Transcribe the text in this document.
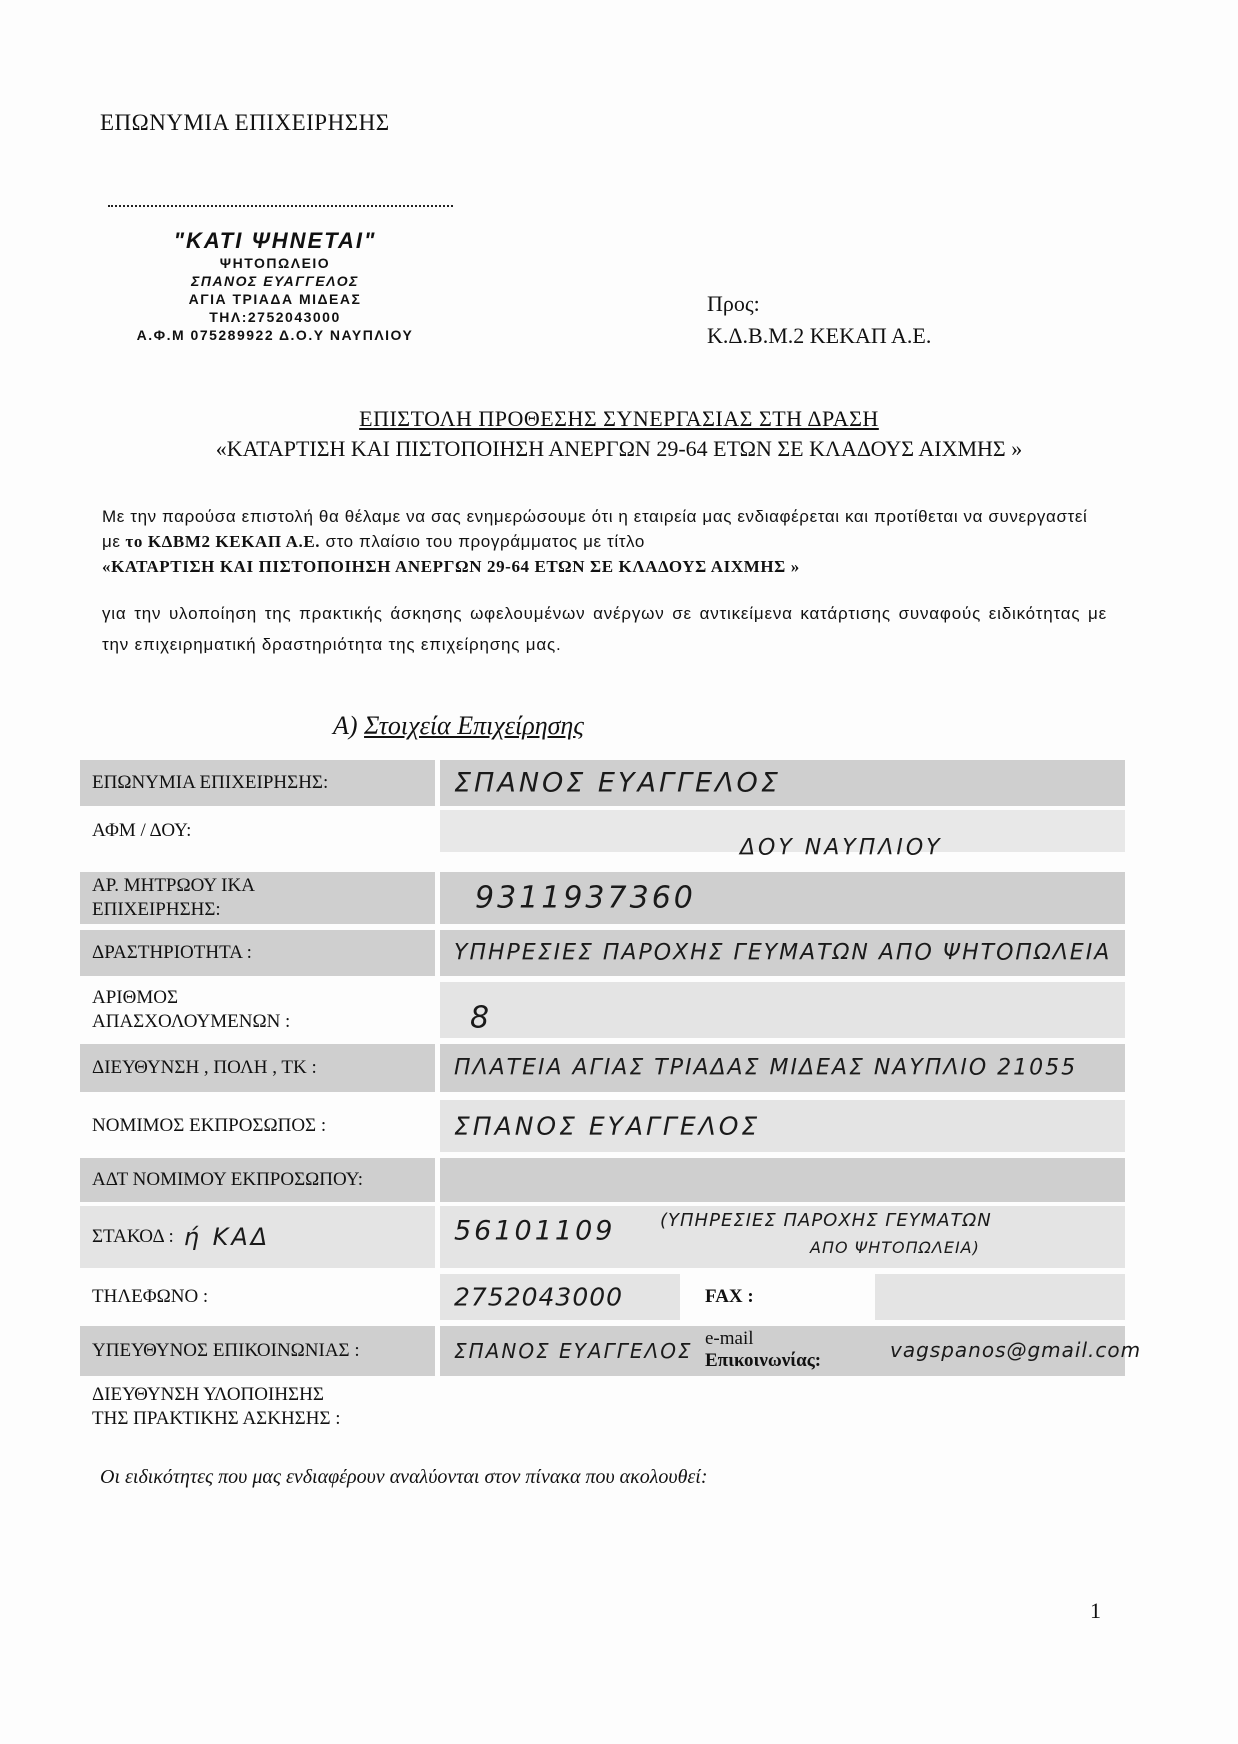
ΕΠΩΝΥΜΙΑ ΕΠΙΧΕΙΡΗΣΗΣ
"ΚΑΤΙ ΨΗΝΕΤΑΙ"
ΨΗΤΟΠΩΛΕΙΟ
ΣΠΑΝΟΣ ΕΥΑΓΓΕΛΟΣ
ΑΓΙΑ ΤΡΙΑΔΑ ΜΙΔΕΑΣ
ΤΗΛ:2752043000
Α.Φ.Μ 075289922 Δ.Ο.Υ ΝΑΥΠΛΙΟΥ
Προς:
Κ.Δ.Β.Μ.2 ΚΕΚΑΠ Α.Ε.
ΕΠΙΣΤΟΛΗ ΠΡΟΘΕΣΗΣ ΣΥΝΕΡΓΑΣΙΑΣ ΣΤΗ ΔΡΑΣΗ
«ΚΑΤΑΡΤΙΣΗ ΚΑΙ ΠΙΣΤΟΠΟΙΗΣΗ ΑΝΕΡΓΩΝ 29-64 ΕΤΩΝ ΣΕ ΚΛΑΔΟΥΣ ΑΙΧΜΗΣ »
Με την παρούσα επιστολή θα θέλαμε να σας ενημερώσουμε ότι η εταιρεία μας ενδιαφέρεται και προτίθεται να συνεργαστεί με το ΚΔΒΜ2 ΚΕΚΑΠ Α.Ε. στο πλαίσιο του προγράμματος με τίτλο
«ΚΑΤΑΡΤΙΣΗ ΚΑΙ ΠΙΣΤΟΠΟΙΗΣΗ ΑΝΕΡΓΩΝ 29-64 ΕΤΩΝ ΣΕ ΚΛΑΔΟΥΣ ΑΙΧΜΗΣ »
για την υλοποίηση της πρακτικής άσκησης ωφελουμένων ανέργων σε αντικείμενα κατάρτισης συναφούς ειδικότητας με την επιχειρηματική δραστηριότητα της επιχείρησης μας.
Α) Στοιχεία Επιχείρησης
ΕΠΩΝΥΜΙΑ ΕΠΙΧΕΙΡΗΣΗΣ:	ΣΠΑΝΟΣ ΕΥΑΓΓΕΛΟΣ
ΑΦΜ / ΔΟΥ:
ΔΟΥ ΝΑΥΠΛΙΟΥ
ΑΡ. ΜΗΤΡΩΟΥ ΙΚΑ
ΕΠΙΧΕΙΡΗΣΗΣ:	9311937360
ΔΡΑΣΤΗΡΙΟΤΗΤΑ :	ΥΠΗΡΕΣΙΕΣ ΠΑΡΟΧΗΣ ΓΕΥΜΑΤΩΝ ΑΠΟ ΨΗΤΟΠΩΛΕΙΑ
ΑΡΙΘΜΟΣ
ΑΠΑΣΧΟΛΟΥΜΕΝΩΝ :	8
ΔΙΕΥΘΥΝΣΗ , ΠΟΛΗ , ΤΚ :	ΠΛΑΤΕΙΑ ΑΓΙΑΣ ΤΡΙΑΔΑΣ ΜΙΔΕΑΣ ΝΑΥΠΛΙΟ 21055
ΝΟΜΙΜΟΣ ΕΚΠΡΟΣΩΠΟΣ :	ΣΠΑΝΟΣ ΕΥΑΓΓΕΛΟΣ
ΑΔΤ ΝΟΜΙΜΟΥ ΕΚΠΡΟΣΩΠΟΥ:
ΣΤΑΚΟΔ : ή ΚΑΔ	56101109 (ΥΠΗΡΕΣΙΕΣ ΠΑΡΟΧΗΣ ΓΕΥΜΑΤΩΝ
ΑΠΟ ΨΗΤΟΠΩΛΕΙΑ)
ΤΗΛΕΦΩΝΟ :	2752043000	FAX :
ΥΠΕΥΘΥΝΟΣ ΕΠΙΚΟΙΝΩΝΙΑΣ :	ΣΠΑΝΟΣ ΕΥΑΓΓΕΛΟΣ
e-mail
Επικοινωνίας:	vagspanos@gmail.com
ΔΙΕΥΘΥΝΣΗ ΥΛΟΠΟΙΗΣΗΣ
ΤΗΣ ΠΡΑΚΤΙΚΗΣ ΑΣΚΗΣΗΣ :
Οι ειδικότητες που μας ενδιαφέρουν αναλύονται στον πίνακα που ακολουθεί:
1
